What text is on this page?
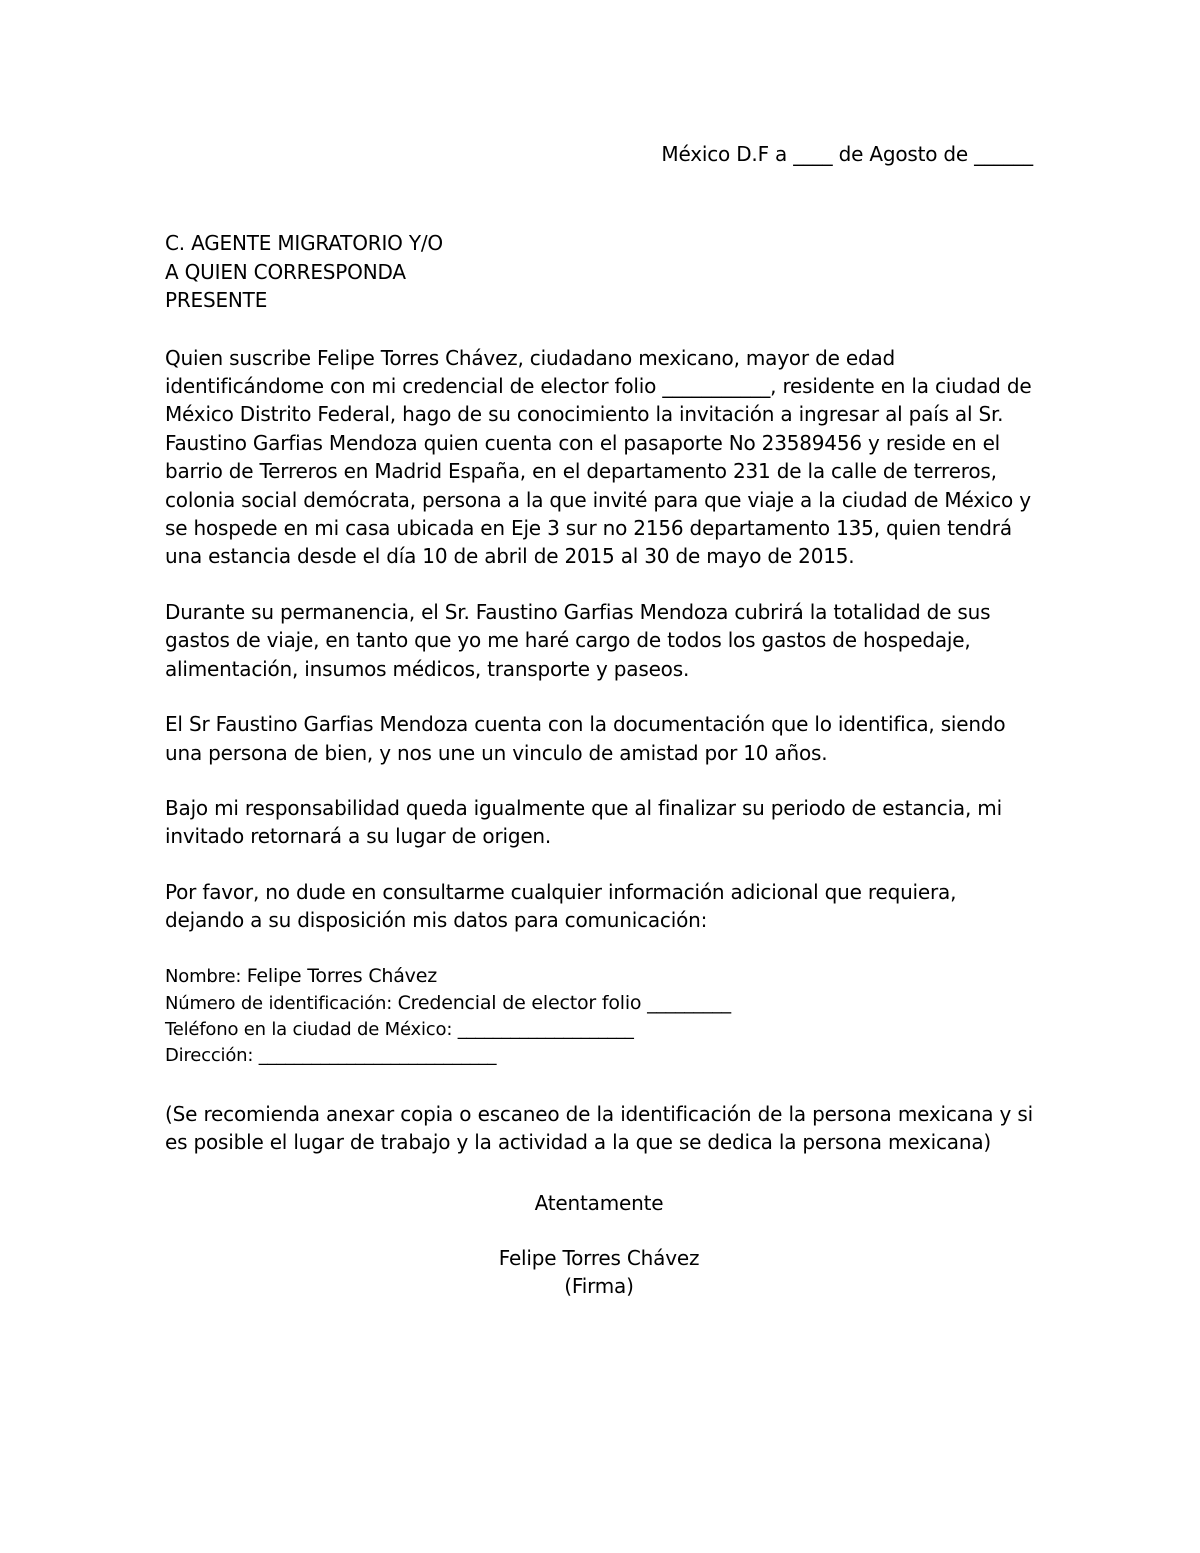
México D.F a ____ de Agosto de ______

C. AGENTE MIGRATORIO Y/O
A QUIEN CORRESPONDA
PRESENTE

Quien suscribe Felipe Torres Chávez, ciudadano mexicano, mayor de edad identificándome con mi credencial de elector folio ___________, residente en la ciudad de México Distrito Federal, hago de su conocimiento la invitación a ingresar al país al Sr. Faustino Garfias Mendoza quien cuenta con el pasaporte No 23589456 y reside en el barrio de Terreros en Madrid España, en el departamento 231 de la calle de terreros, colonia social demócrata, persona a la que invité para que viaje a la ciudad de México y se hospede en mi casa ubicada en Eje 3 sur no 2156 departamento 135, quien tendrá una estancia desde el día 10 de abril de 2015 al 30 de mayo de 2015.

Durante su permanencia, el Sr. Faustino Garfias Mendoza cubrirá la totalidad de sus gastos de viaje, en tanto que yo me haré cargo de todos los gastos de hospedaje, alimentación, insumos médicos, transporte y paseos.

El Sr Faustino Garfias Mendoza cuenta con la documentación que lo identifica, siendo una persona de bien, y nos une un vinculo de amistad por 10 años.

Bajo mi responsabilidad queda igualmente que al finalizar su periodo de estancia, mi invitado retornará a su lugar de origen.

Por favor, no dude en consultarme cualquier información adicional que requiera, dejando a su disposición mis datos para comunicación:

Nombre: Felipe Torres Chávez
Número de identificación: Credencial de elector folio _________
Teléfono en la ciudad de México: ____________________
Dirección: ___________________________

(Se recomienda anexar copia o escaneo de la identificación de la persona mexicana y si es posible el lugar de trabajo y la actividad a la que se dedica la persona mexicana)

Atentamente
Felipe Torres Chávez
(Firma)
